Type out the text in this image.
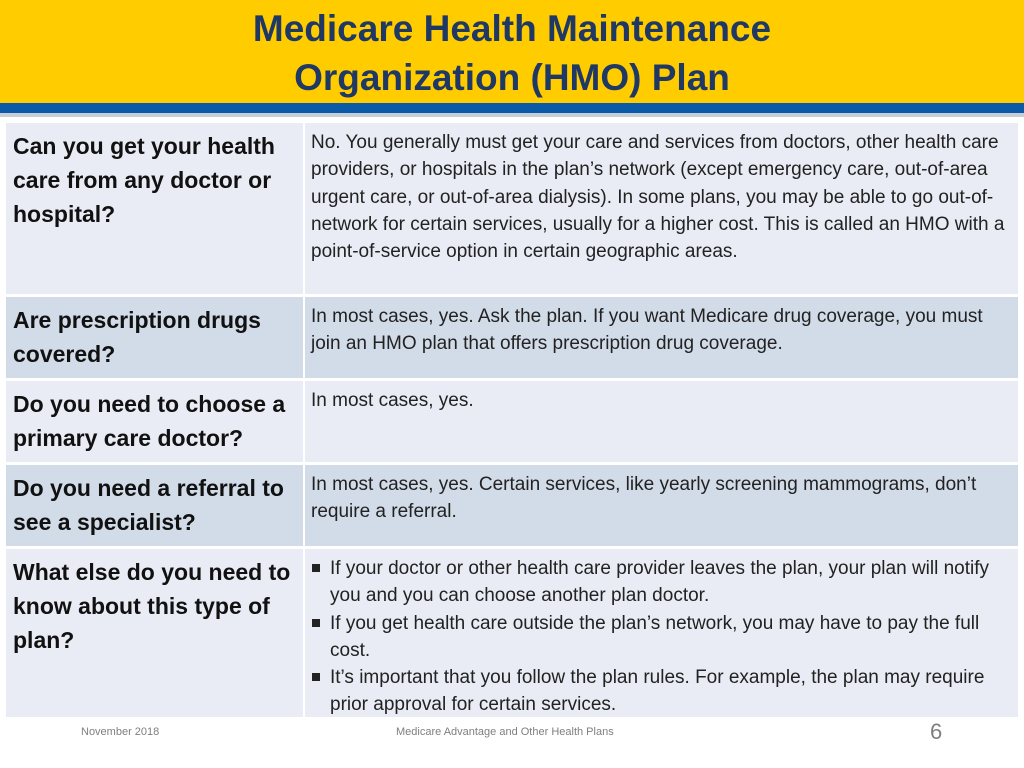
Medicare Health Maintenance
Organization (HMO) Plan
Can you get your health care from any doctor or hospital?
No. You generally must get your care and services from doctors, other health care providers, or hospitals in the plan’s network (except emergency care, out-of-area urgent care, or out-of-area dialysis). In some plans, you may be able to go out-of-network for certain services, usually for a higher cost. This is called an HMO with a point-of-service option in certain geographic areas.
Are prescription drugs covered?
In most cases, yes. Ask the plan. If you want Medicare drug coverage, you must join an HMO plan that offers prescription drug coverage.
Do you need to choose a primary care doctor?
In most cases, yes.
Do you need a referral to see a specialist?
In most cases, yes. Certain services, like yearly screening mammograms, don’t require a referral.
What else do you need to know about this type of plan?
If your doctor or other health care provider leaves the plan, your plan will notify you and you can choose another plan doctor.
If you get health care outside the plan’s network, you may have to pay the full cost.
It’s important that you follow the plan rules. For example, the plan may require prior approval for certain services.
November 2018	Medicare Advantage and Other Health Plans	6
